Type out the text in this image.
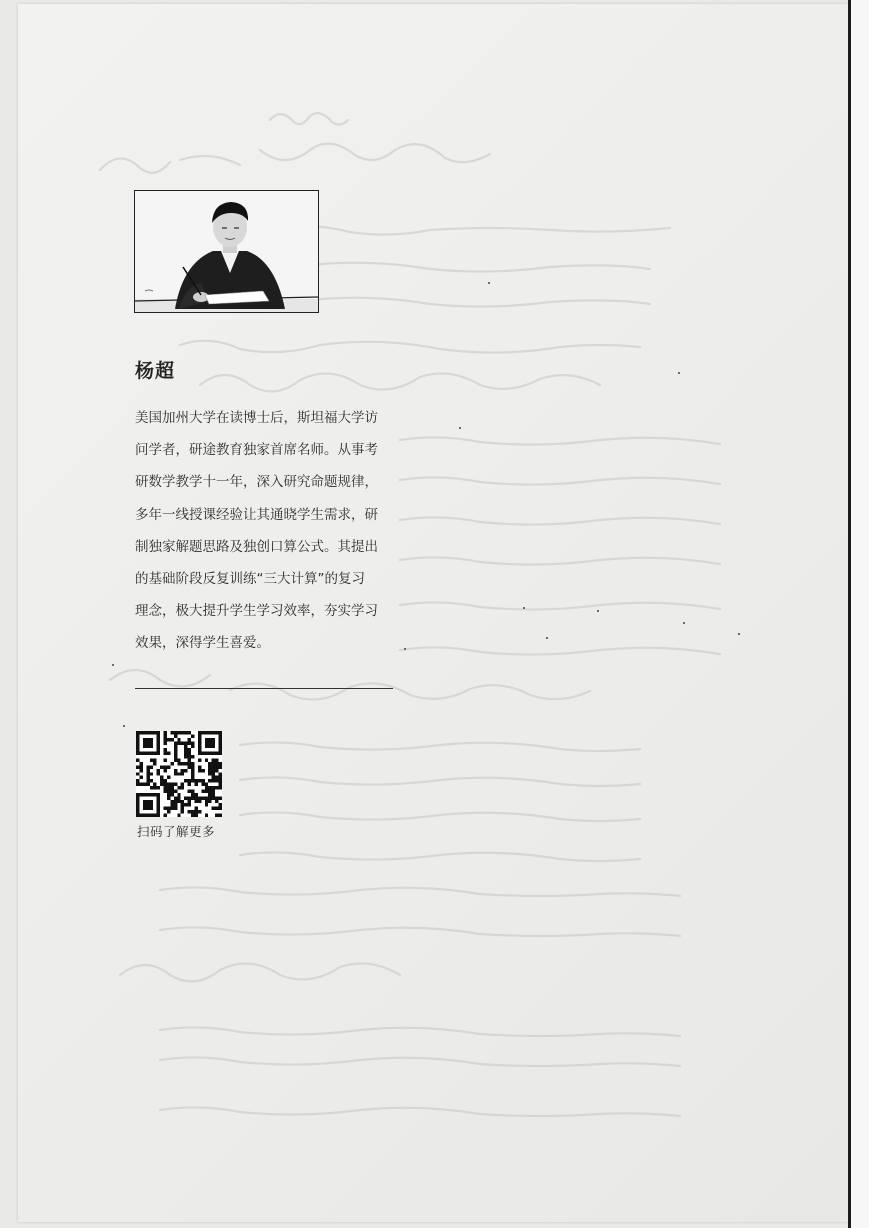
杨超

美国加州大学在读博士后，斯坦福大学访
问学者，研途教育独家首席名师。从事考
研数学教学十一年，深入研究命题规律，
多年一线授课经验让其通晓学生需求，研
制独家解题思路及独创口算公式。其提出
的基础阶段反复训练“三大计算”的复习
理念，极大提升学生学习效率，夯实学习
效果，深得学生喜爱。

扫码了解更多
